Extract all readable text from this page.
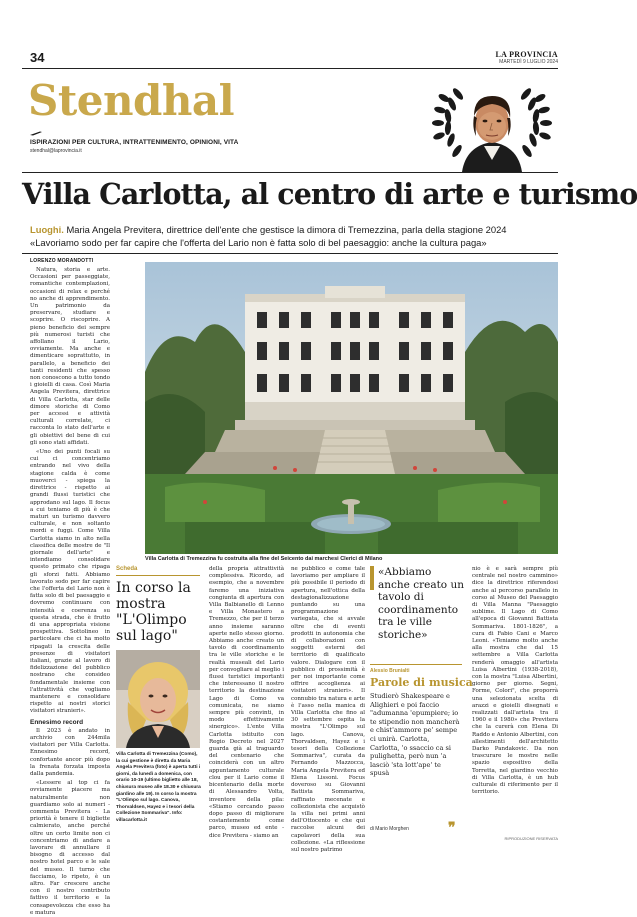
34	LA PROVINCIA
MARTEDÌ 9 LUGLIO 2024
Stendhal
ISPIRAZIONI PER CULTURA, INTRATTENIMENTO, OPINIONI, VITA
stendhal@laprovincia.it
Villa Carlotta, al centro di arte e turismo
Luoghi. Maria Angela Previtera, direttrice dell'ente che gestisce la dimora di Tremezzina, parla della stagione 2024
«Lavoriamo sodo per far capire che l'offerta del Lario non è fatta solo di bel paesaggio: anche la cultura paga»
LORENZO MORANDOTTI

Natura, storia e arte. Occasioni per passeggiate, romantiche contemplazioni, occasioni di relax e perché no anche di apprendimento. Un patrimonio da preservare, studiare e scoprire. O riscoprire. A pieno beneficio dei sempre più numerosi turisti che affollano il Lario, ovviamente. Ma anche e dimenticare soprattutto, in parallelo, a beneficio dei tanti residenti che spesso non conoscono a tutto tondo i gioielli di casa. Così Maria Angela Previtera, direttrice di Villa Carlotta, star delle dimore storiche di Como per accessi e attività culturali correlate, ci racconta lo stato dell'arte e gli obiettivi del bene di cui gli sono stati affidati.

«Uno dei punti focali su cui ci concentriamo entrando nel vivo della stagione calda è come muoverci - spiega la direttrice - rispetto ai grandi flussi turistici che approdano sul lago. Il focus a cui teniamo di più è che maturi un turismo davvero culturale, e non soltanto mordi e fuggi. Come Villa Carlotta siamo in alto nella classifica delle mostre de "Il giornale dell'arte" e intendiamo consolidare questo primato che ripaga gli sforzi fatti. Abbiamo lavorato sodo per far capire che l'offerta del Lario non è fatta solo di bel paesaggio e dovremo continuare con intensità e coerenza su questa strada, che è frutto di una appropriata visione prospettiva. Sottolineo in particolare che ci ha molto ripagati la crescita delle presenze di visitatori italiani, grazie al lavoro di fidelizzazione del pubblico nostrano che consideo fondamentale insieme con l'attrattività che vogliamo mantenere e consolidare rispetto ai nostri storici visitatori stranieri».

Ennesimo record

Il 2023 è andato in archivio con 244mila visitatori per Villa Carlotta. Ennesimo record, confortante ancor più dopo la frenata forzata imposta dalla pandemia.

«Lessere al top ci fa ovviamente piacere ma naturalmente non guardiamo solo ai numeri - commenta Previtera - La priorità è tenere il bigliette calmierato, anche perché oltre un certo limite non ci concentriamo di andare a lavorare di annullare il bisogno di accesso dal nostro hotel parco e le sale del museo. Il turno che facciamo, lo ripeto, è un altro. Far crescere anche con il nostro contributo fattivo il territorio e la consapevolezza che esso ha e matura

Villa Carlotta di Tremezzina fu costruita alla fine del Seicento dai marchesi Clerici di Milano
Scheda
In corso la mostra "L'Olimpo sul lago"
Villa Carlotta di Tremezzina (Como), la cui gestione è diretta da Maria Angela Previtera (foto) è aperta tutti i giorni, da lunedì a domenica, con orario 10-19 (ultimo biglietto alle 18, chiusura museo alle 18.30 e chiusura giardino alle 19). In corso la mostra "L'Olimpo sul lago. Canova, Thorvaldsen, Hayez e i tesori della Collezione Sommariva". Info: villacarlotta.it
della propria attrattività complessiva. Ricordo, ad esempio, che a novembre faremo una iniziativa congiunta di apertura con Villa Balbianello di Lenno e Villa Monastero a Tremezzo, che per il terzo anno insieme saranno aperte nello stesso giorno. Abbiamo anche creato un tavolo di coordinamento tra le ville storiche e le realtà museali del Lario per convogliare al meglio i flussi turistici importanti che interessano il nostro territorio la destinazione Lago di Como va comunicata, ne siamo sempre più convinti, in modo effettivamente sinergico». L'ente Villa Carlotta istituito con Regio Decreto nel 2027 guarda già al traguardo del centenario che coinciderà con un altro appuntamento culturale clou per il Lario come il bicentenario della morte di Alessandro Volta, inventore della pila: «Stiamo cercando passo dopo passo di migliorare costantemente come parco, museo ed ente - dice Previtera - siamo an
ne pubblico e come tale lavoriamo per ampliare il più possibile il periodo di apertura, nell'ottica della destagionalizzazione puntando su una programmazione variegata, che si avvale oltre che di eventi prodotti in autonomia che di collaborazioni con soggetti esterni del territorio di qualificato valore. Dialogare con il pubblico di prossimità è per noi importante come offrire accoglienza ai visitatori stranieri». Il connubio tra natura e arte è l'asso nella manica di Villa Carlotta che fino al 30 settembre ospita la mostra "L'Olimpo sul lago. Canova, Thorvaldsen, Hayez e i tesori della Collezione Sommariva", curata da Fernando Mazzocca, Maria Angela Previtera ed Elena Lissoni. Focus doveroso su Giovanni Battista Sommariva, raffinato mecenate e collezionista che acquistò la villa nei primi anni dell'Ottocento e che qui raccolse alcuni dei capolavori della sua collezione. «La riflessione sul nostro patrimo
«Abbiamo anche creato un tavolo di coordinamento tra le ville storiche»
Alessio Brunialti
Parole di musica
Studierò Shakespeare e Alighieri e poi faccio "adumanna 'epumpiere; io te stipendio non mancherà e chist'ammore pe' sempe ci unirà. Carlotta, Carlotta, 'o ssaccio ca si pulighetta, però nun 'a lasciò 'sta lott'ape' te spusà
di Mario Morghen	❞
nio è e sarà sempre più centrale nel nostro cammino» dice la direttrice riferendosi anche al percorso parallelo in corso al Museo del Paesaggio di Villa Manna "Paesaggio sublime. Il Lago di Como all'epoca di Giovanni Battista Sommariva. 1801-1826", a cura di Fabio Cani e Marco Leoni. «Teniamo molto anche alla mostra che dal 15 settembre a Villa Carlotta renderà omaggio all'artista Luisa Albertini (1938-2018), con la mostra "Luisa Albertini, giorno per giorno. Segni, Forme, Colori", che proporrà una selezionata scelta di arazzi e gioielli disegnati e realizzati dall'artista tra il 1960 e il 1980» che Previtera che la curerà con Elena Di Raddo e Antonio Albertini, con allestimenti dell'architetto Darko Pandakovic. Da non trascurare le mostre nelle spazio espositivo della Torretta, nel giardino vecchio di Villa Carlotta, è un hub culturale di riferimento per il territorio.
RIPRODUZIONE RISERVATA
